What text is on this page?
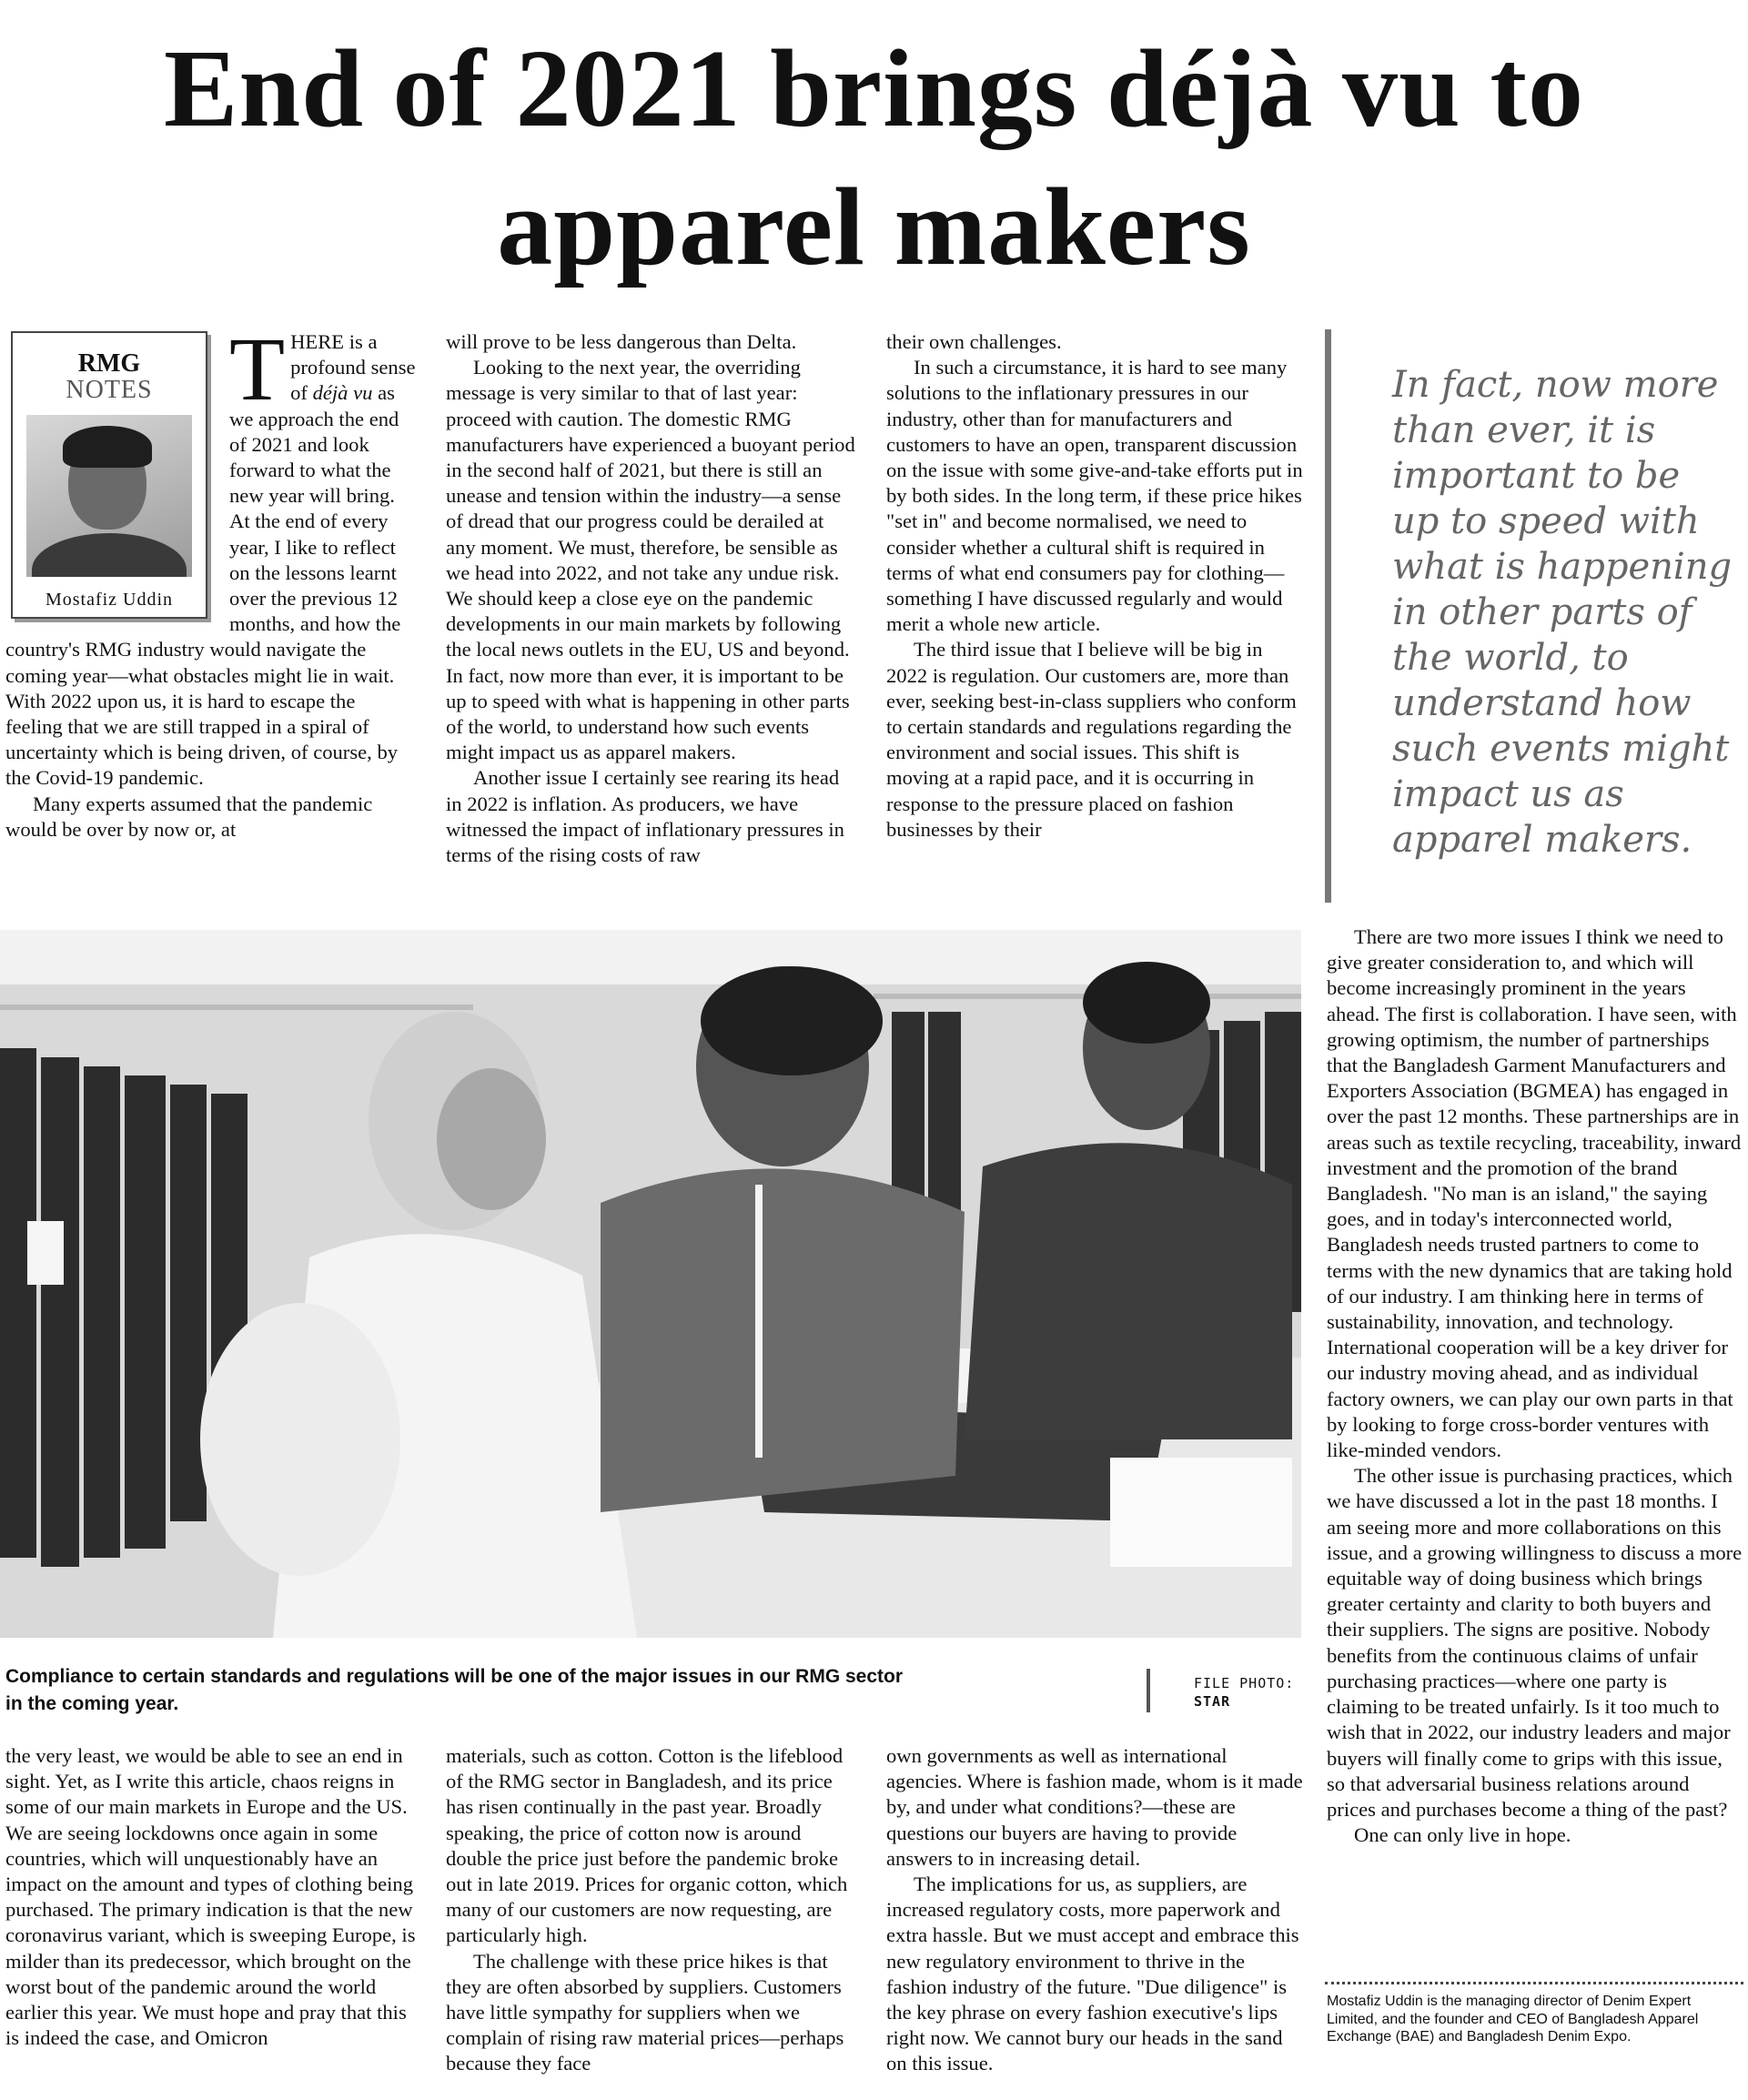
End of 2021 brings déjà vu to apparel makers
RMG
NOTES
Mostafiz Uddin

THERE is a profound sense of déjà vu as we approach the end of 2021 and look forward to what the new year will bring. At the end of every year, I like to reflect on the lessons learnt over the previous 12 months, and how the country's RMG industry would navigate the coming year—what obstacles might lie in wait. With 2022 upon us, it is hard to escape the feeling that we are still trapped in a spiral of uncertainty which is being driven, of course, by the Covid-19 pandemic.

Many experts assumed that the pandemic would be over by now or, at

will prove to be less dangerous than Delta.

Looking to the next year, the overriding message is very similar to that of last year: proceed with caution. The domestic RMG manufacturers have experienced a buoyant period in the second half of 2021, but there is still an unease and tension within the industry—a sense of dread that our progress could be derailed at any moment. We must, therefore, be sensible as we head into 2022, and not take any undue risk. We should keep a close eye on the pandemic developments in our main markets by following the local news outlets in the EU, US and beyond. In fact, now more than ever, it is important to be up to speed with what is happening in other parts of the world, to understand how such events might impact us as apparel makers.

Another issue I certainly see rearing its head in 2022 is inflation. As producers, we have witnessed the impact of inflationary pressures in terms of the rising costs of raw

their own challenges.

In such a circumstance, it is hard to see many solutions to the inflationary pressures in our industry, other than for manufacturers and customers to have an open, transparent discussion on the issue with some give-and-take efforts put in by both sides. In the long term, if these price hikes "set in" and become normalised, we need to consider whether a cultural shift is required in terms of what end consumers pay for clothing—something I have discussed regularly and would merit a whole new article.

The third issue that I believe will be big in 2022 is regulation. Our customers are, more than ever, seeking best-in-class suppliers who conform to certain standards and regulations regarding the environment and social issues. This shift is moving at a rapid pace, and it is occurring in response to the pressure placed on fashion businesses by their

In fact, now more than ever, it is important to be up to speed with what is happening in other parts of the world, to understand how such events might impact us as apparel makers.

There are two more issues I think we need to give greater consideration to, and which will become increasingly prominent in the years ahead. The first is collaboration. I have seen, with growing optimism, the number of partnerships that the Bangladesh Garment Manufacturers and Exporters Association (BGMEA) has engaged in over the past 12 months. These partnerships are in areas such as textile recycling, traceability, inward investment and the promotion of the brand Bangladesh. "No man is an island," the saying goes, and in today's interconnected world, Bangladesh needs trusted partners to come to terms with the new dynamics that are taking hold of our industry. I am thinking here in terms of sustainability, innovation, and technology. International cooperation will be a key driver for our industry moving ahead, and as individual factory owners, we can play our own parts in that by looking to forge cross-border ventures with like-minded vendors.

The other issue is purchasing practices, which we have discussed a lot in the past 18 months. I am seeing more and more collaborations on this issue, and a growing willingness to discuss a more equitable way of doing business which brings greater certainty and clarity to both buyers and their suppliers. The signs are positive. Nobody benefits from the continuous claims of unfair purchasing practices—where one party is claiming to be treated unfairly. Is it too much to wish that in 2022, our industry leaders and major buyers will finally come to grips with this issue, so that adversarial business relations around prices and purchases become a thing of the past?

One can only live in hope.

Compliance to certain standards and regulations will be one of the major issues in our RMG sector in the coming year.
FILE PHOTO:
STAR

the very least, we would be able to see an end in sight. Yet, as I write this article, chaos reigns in some of our main markets in Europe and the US. We are seeing lockdowns once again in some countries, which will unquestionably have an impact on the amount and types of clothing being purchased. The primary indication is that the new coronavirus variant, which is sweeping Europe, is milder than its predecessor, which brought on the worst bout of the pandemic around the world earlier this year. We must hope and pray that this is indeed the case, and Omicron

materials, such as cotton. Cotton is the lifeblood of the RMG sector in Bangladesh, and its price has risen continually in the past year. Broadly speaking, the price of cotton now is around double the price just before the pandemic broke out in late 2019. Prices for organic cotton, which many of our customers are now requesting, are particularly high.

The challenge with these price hikes is that they are often absorbed by suppliers. Customers have little sympathy for suppliers when we complain of rising raw material prices—perhaps because they face

own governments as well as international agencies. Where is fashion made, whom is it made by, and under what conditions?—these are questions our buyers are having to provide answers to in increasing detail.

The implications for us, as suppliers, are increased regulatory costs, more paperwork and extra hassle. But we must accept and embrace this new regulatory environment to thrive in the fashion industry of the future. "Due diligence" is the key phrase on every fashion executive's lips right now. We cannot bury our heads in the sand on this issue.

Mostafiz Uddin is the managing director of Denim Expert Limited, and the founder and CEO of Bangladesh Apparel Exchange (BAE) and Bangladesh Denim Expo.
